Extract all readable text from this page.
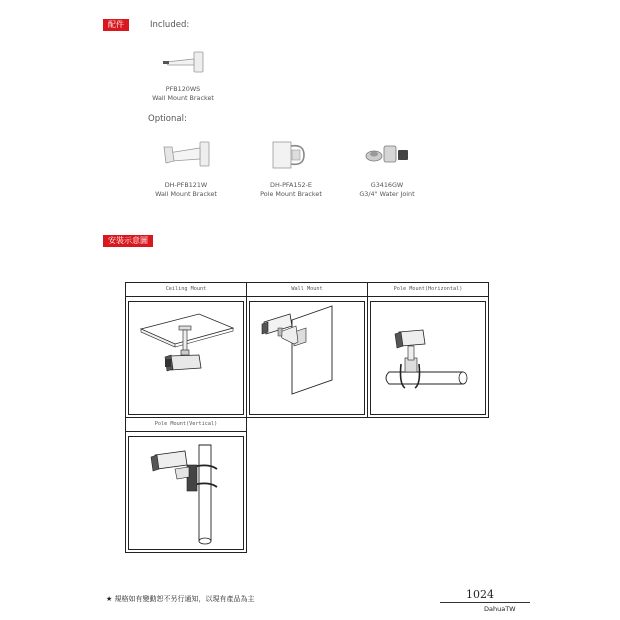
配件	Included:
PFB120WS
Wall Mount Bracket
Optional:
DH-PFB121W
Wall Mount Bracket
DH-PFA152-E
Pole Mount Bracket
G3416GW
G3/4" Water Joint
安裝示意圖
Ceiling Mount	Wall Mount	Pole Mount(Horizontal)
Pole Mount(Vertical)
★ 規格如有變動恕不另行通知，以現有產品為主	1024
DahuaTW
